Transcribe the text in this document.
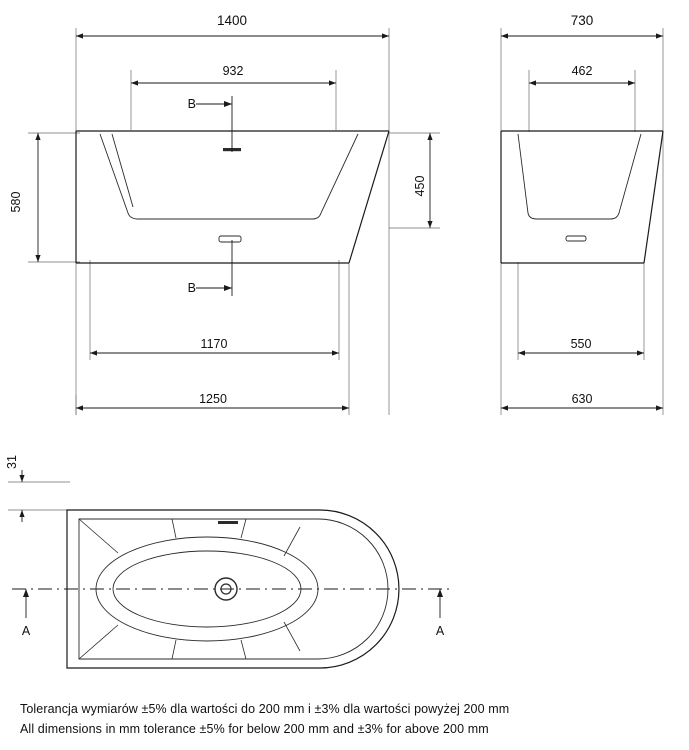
1400
932
580
450
1170
1250
B
B
730
462
550
630
31
A	A
Tolerancja wymiarów ±5% dla wartości do 200 mm i ±3% dla wartości powyżej 200 mm
All dimensions in mm tolerance ±5% for below 200 mm and ±3% for above 200 mm
